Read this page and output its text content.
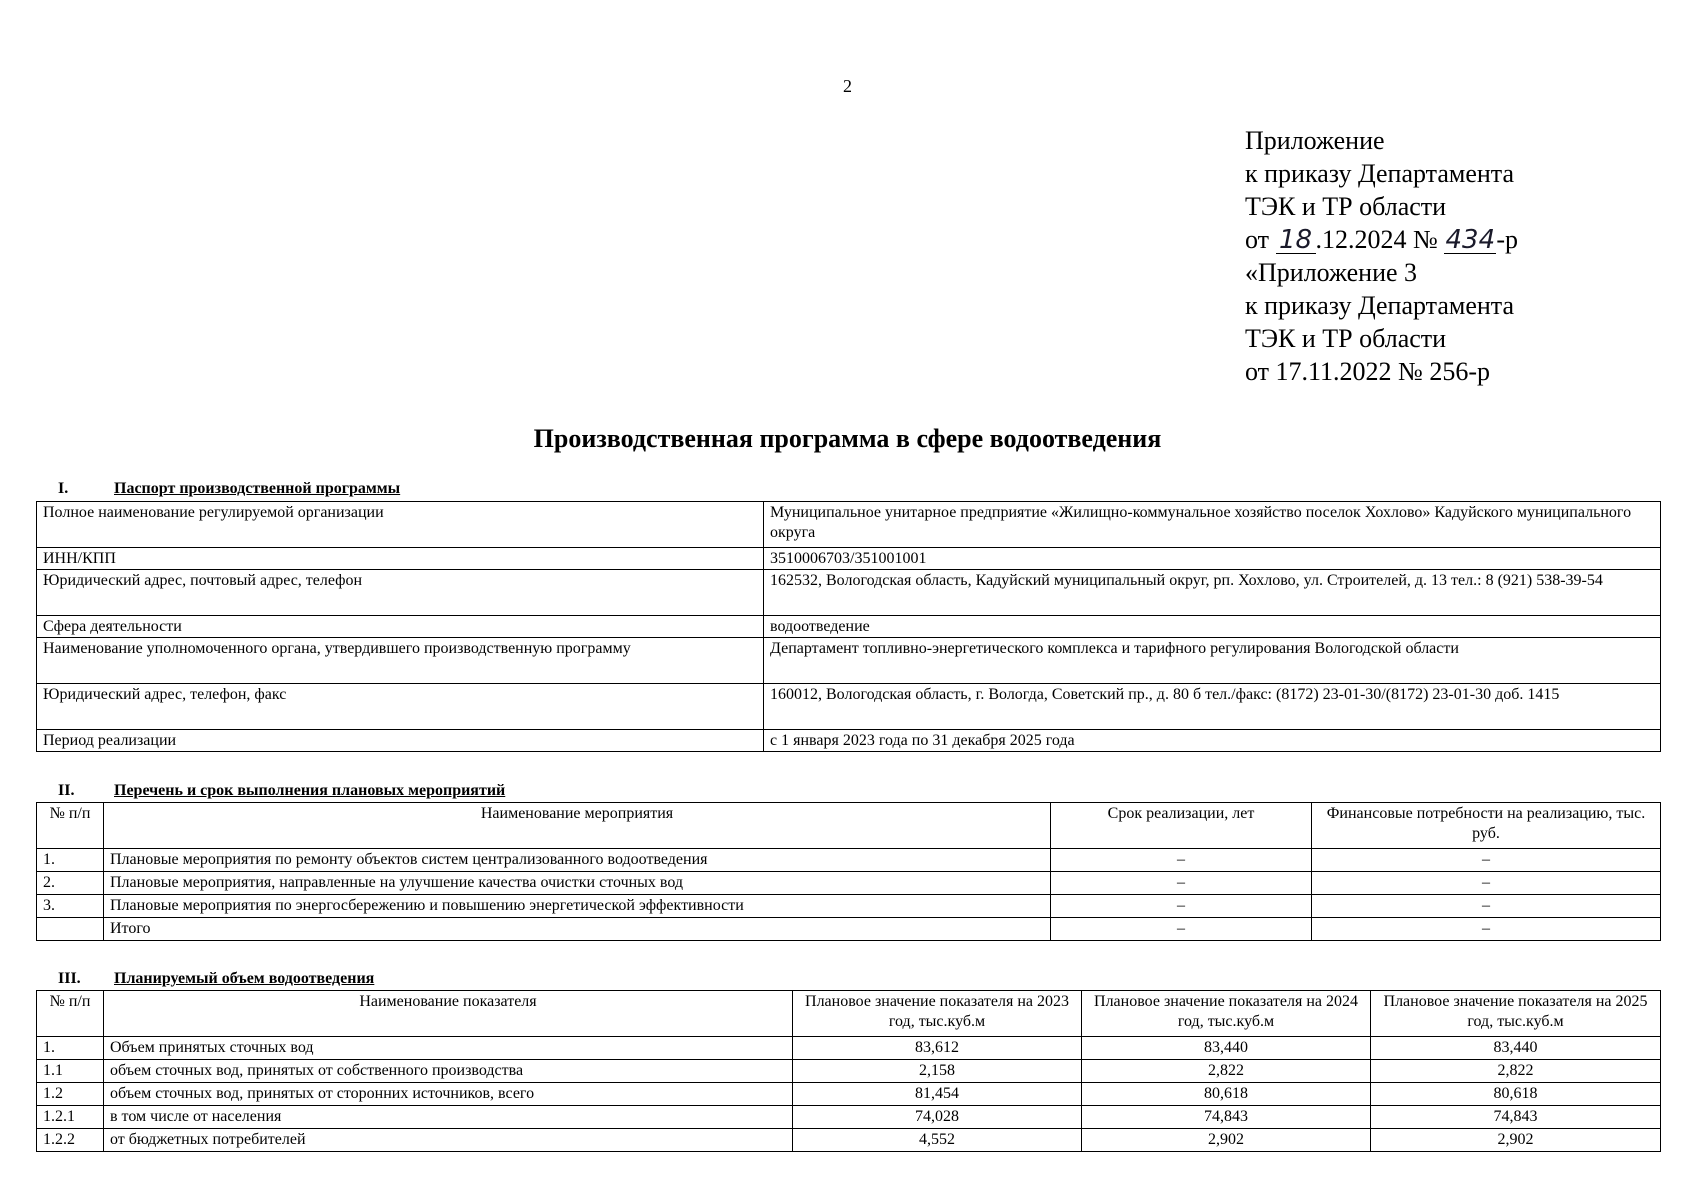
2
Приложение
к приказу Департамента
ТЭК и ТР области
от 18 .12.2024 № 434-р
«Приложение 3
к приказу Департамента
ТЭК и ТР области
от 17.11.2022 № 256-р
Производственная программа в сфере водоотведения
I.	Паспорт производственной программы
Полное наименование регулируемой организации	Муниципальное унитарное предприятие «Жилищно-коммунальное хозяйство поселок Хохлово» Кадуйского муниципального округа
ИНН/КПП	3510006703/351001001
Юридический адрес, почтовый адрес, телефон	162532, Вологодская область, Кадуйский муниципальный округ, рп. Хохлово, ул. Строителей, д. 13 тел.: 8 (921) 538-39-54
Сфера деятельности	водоотведение
Наименование уполномоченного органа, утвердившего производственную программу	Департамент топливно-энергетического комплекса и тарифного регулирования Вологодской области
Юридический адрес, телефон, факс	160012, Вологодская область, г. Вологда, Советский пр., д. 80 б тел./факс: (8172) 23-01-30/(8172) 23-01-30 доб. 1415
Период реализации	с 1 января 2023 года по 31 декабря 2025 года
II. Перечень и срок выполнения плановых мероприятий
№ п/п	Наименование мероприятия	Срок реализации, лет	Финансовые потребности на реализацию, тыс. руб.
1.	Плановые мероприятия по ремонту объектов систем централизованного водоотведения	–	–
2.	Плановые мероприятия, направленные на улучшение качества очистки сточных вод	–	–
3.	Плановые мероприятия по энергосбережению и повышению энергетической эффективности	–	–
	Итого	–	–
III. Планируемый объем водоотведения
№ п/п	Наименование показателя	Плановое значение показателя на 2023 год, тыс.куб.м	Плановое значение показателя на 2024 год, тыс.куб.м	Плановое значение показателя на 2025 год, тыс.куб.м
1.	Объем принятых сточных вод	83,612	83,440	83,440
1.1	объем сточных вод, принятых от собственного производства	2,158	2,822	2,822
1.2	объем сточных вод, принятых от сторонних источников, всего	81,454	80,618	80,618
1.2.1	в том числе от населения	74,028	74,843	74,843
1.2.2	от бюджетных потребителей	4,552	2,902	2,902
